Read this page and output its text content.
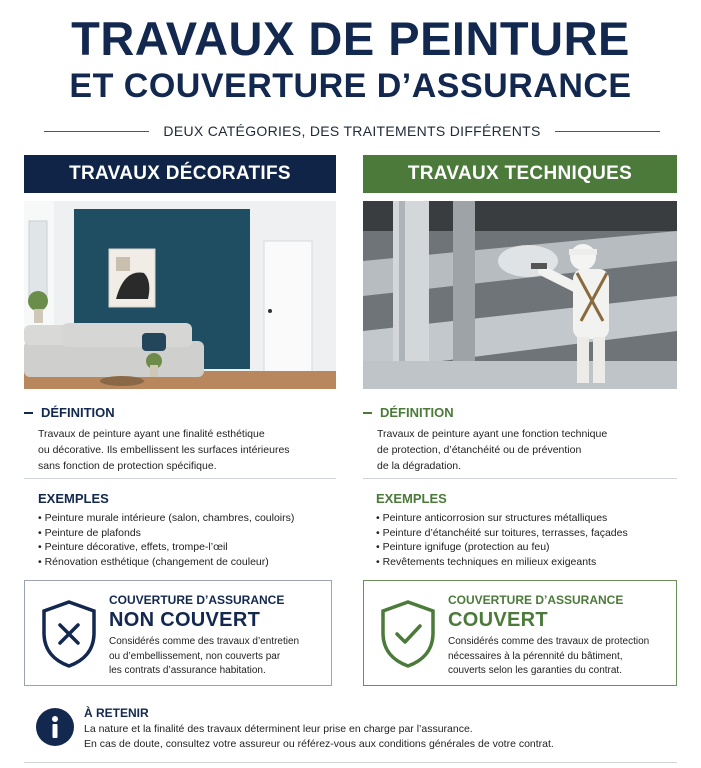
TRAVAUX DE PEINTURE
ET COUVERTURE D’ASSURANCE
DEUX CATÉGORIES, DES TRAITEMENTS DIFFÉRENTS
TRAVAUX DÉCORATIFS
DÉFINITION
Travaux de peinture ayant une finalité esthétique
ou décorative. Ils embellissent les surfaces intérieures
sans fonction de protection spécifique.
EXEMPLES
• Peinture murale intérieure (salon, chambres, couloirs)
• Peinture de plafonds
• Peinture décorative, effets, trompe-l’œil
• Rénovation esthétique (changement de couleur)
COUVERTURE D’ASSURANCE
NON COUVERT
Considérés comme des travaux d’entretien
ou d’embellissement, non couverts par
les contrats d’assurance habitation.
TRAVAUX TECHNIQUES
DÉFINITION
Travaux de peinture ayant une fonction technique
de protection, d’étanchéité ou de prévention
de la dégradation.
EXEMPLES
• Peinture anticorrosion sur structures métalliques
• Peinture d’étanchéité sur toitures, terrasses, façades
• Peinture ignifuge (protection au feu)
• Revêtements techniques en milieux exigeants
COUVERTURE D’ASSURANCE
COUVERT
Considérés comme des travaux de protection
nécessaires à la pérennité du bâtiment,
couverts selon les garanties du contrat.
À RETENIR
La nature et la finalité des travaux déterminent leur prise en charge par l’assurance.
En cas de doute, consultez votre assureur ou référez-vous aux conditions générales de votre contrat.
